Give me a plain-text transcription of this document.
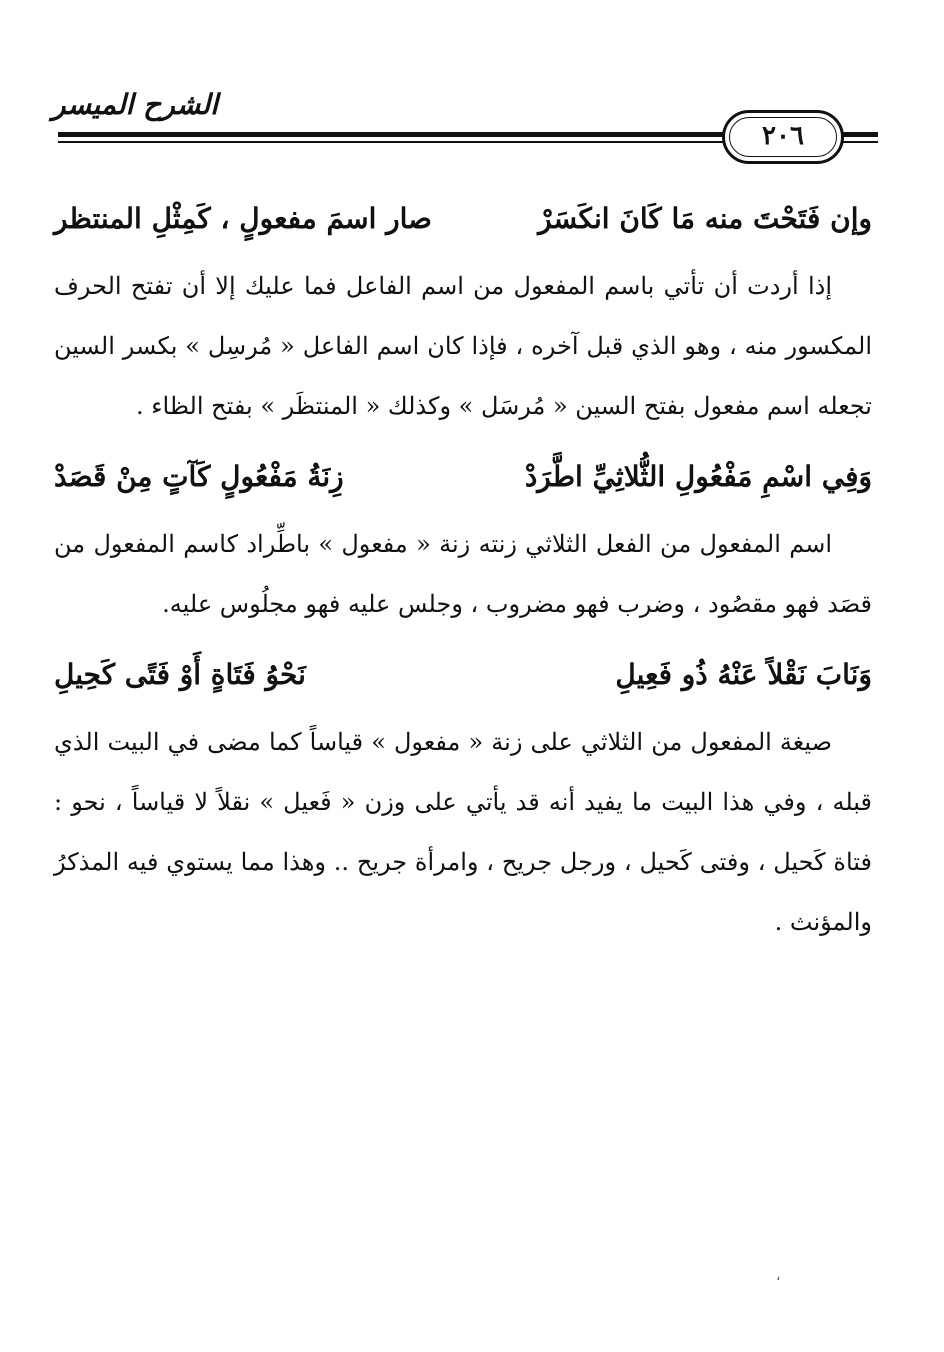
الشرح الميسر
٢٠٦
وإن فَتَحْتَ منه مَا كَانَ انكَسَرْ
صار اسمَ مفعولٍ ، كَمِثْلِ المنتظر

إذا أردت أن تأتي باسم المفعول من اسم الفاعل فما عليك إلا أن تفتح الحرف المكسور منه ، وهو الذي قبل آخره ، فإذا كان اسم الفاعل « مُرسِل » بكسر السين تجعله اسم مفعول بفتح السين « مُرسَل » وكذلك « المنتظَر » بفتح الظاء .

وَفِي اسْمِ مَفْعُولِ الثُّلاثِيِّ اطَّرَدْ
زِنَةُ مَفْعُولٍ كَآتٍ مِنْ قَصَدْ

اسم المفعول من الفعل الثلاثي زنته زنة « مفعول » باطِّراد كاسم المفعول من قصَد فهو مقصُود ، وضرب فهو مضروب ، وجلس عليه فهو مجلُوس عليه.

وَنَابَ نَقْلاً عَنْهُ ذُو فَعِيلِ
نَحْوُ فَتَاةٍ أَوْ فَتًى كَحِيلِ

صيغة المفعول من الثلاثي على زنة « مفعول » قياساً كما مضى في البيت الذي قبله ، وفي هذا البيت ما يفيد أنه قد يأتي على وزن « فَعيل » نقلاً لا قياساً ، نحو : فتاة كَحيل ، وفتى كَحيل ، ورجل جريح ، وامرأة جريح .. وهذا مما يستوي فيه المذكرُ والمؤنث .

،
